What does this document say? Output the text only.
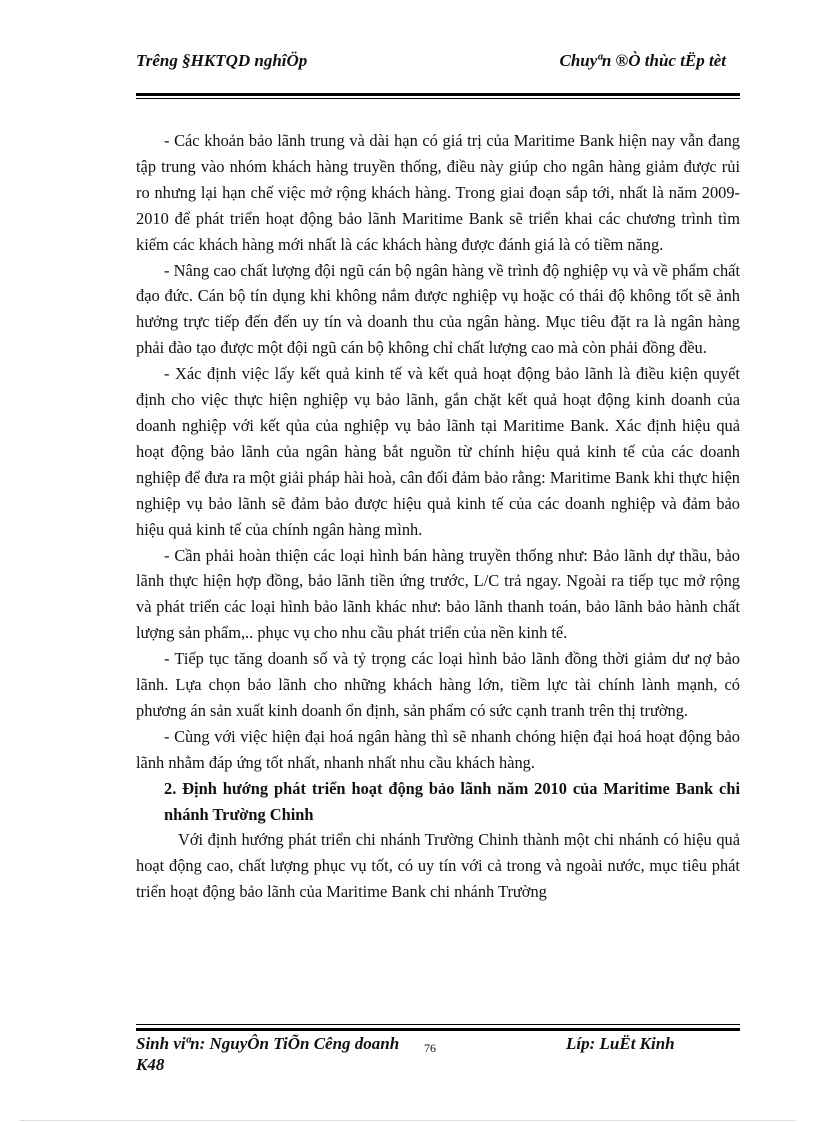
Trêng §HKTQD nghîÖp	Chuyªn ®Ò thùc tËp tèt

- Các khoản bảo lãnh trung và dài hạn có giá trị của Maritime Bank hiện nay vẫn đang tập trung vào nhóm khách hàng truyền thống, điều này giúp cho ngân hàng giảm được rủi ro nhưng lại hạn chế việc mở rộng khách hàng. Trong giai đoạn sắp tới, nhất là năm 2009-2010 để phát triển hoạt động bảo lãnh Maritime Bank sẽ triển khai các chương trình tìm kiếm các khách hàng mới nhất là các khách hàng được đánh giá là có tiềm năng.

- Nâng cao chất lượng đội ngũ cán bộ ngân hàng về trình độ nghiệp vụ và về phẩm chất đạo đức. Cán bộ tín dụng khi không nắm được nghiệp vụ hoặc có thái độ không tốt sẽ ảnh hưởng trực tiếp đến đến uy tín và doanh thu của ngân hàng. Mục tiêu đặt ra là ngân hàng phải đào tạo được một đội ngũ cán bộ không chỉ chất lượng cao mà còn phải đồng đều.

- Xác định việc lấy kết quả kinh tế và kết quả hoạt động bảo lãnh là điều kiện quyết định cho việc thực hiện nghiệp vụ bảo lãnh, gắn chặt kết quả hoạt động kinh doanh của doanh nghiệp với kết qủa của nghiệp vụ bảo lãnh tại Maritime Bank. Xác định hiệu quả hoạt động bảo lãnh của ngân hàng bắt nguồn từ chính hiệu quả kinh tế của các doanh nghiệp để đưa ra một giải pháp hài hoà, cân đối đảm bảo rằng: Maritime Bank khi thực hiện nghiệp vụ bảo lãnh sẽ đảm bảo được hiệu quả kinh tế của các doanh nghiệp và đảm bảo hiệu quả kinh tế của chính ngân hàng mình.

- Cần phải hoàn thiện các loại hình bán hàng truyền thống như: Bảo lãnh dự thầu, bảo lãnh thực hiện hợp đồng, bảo lãnh tiền ứng trước, L/C trả ngay. Ngoài ra tiếp tục mở rộng và phát triển các loại hình bảo lãnh khác như: bảo lãnh thanh toán, bảo lãnh bảo hành chất lượng sản phẩm,.. phục vụ cho nhu cầu phát triển của nền kinh tế.

- Tiếp tục tăng doanh số và tỷ trọng các loại hình bảo lãnh đồng thời giảm dư nợ bảo lãnh. Lựa chọn bảo lãnh cho những khách hàng lớn, tiềm lực tài chính lành mạnh, có phương án sản xuất kinh doanh ổn định, sản phẩm có sức cạnh tranh trên thị trường.

- Cùng với việc hiện đại hoá ngân hàng thì sẽ nhanh chóng hiện đại hoá hoạt động bảo lãnh nhằm đáp ứng tốt nhất, nhanh nhất nhu cầu khách hàng.

2. Định hướng phát triển hoạt động bảo lãnh năm 2010 của Maritime Bank chi nhánh Trường Chinh

Với định hướng phát triển chi nhánh Trường Chinh thành một chi nhánh có hiệu quả hoạt động cao, chất lượng phục vụ tốt, có uy tín với cả trong và ngoài nước, mục tiêu phát triển hoạt động bảo lãnh của Maritime Bank chi nhánh Trường

Sinh viªn: NguyÔn TiÕn Cêng doanh K48
76	Líp: LuËt Kinh
